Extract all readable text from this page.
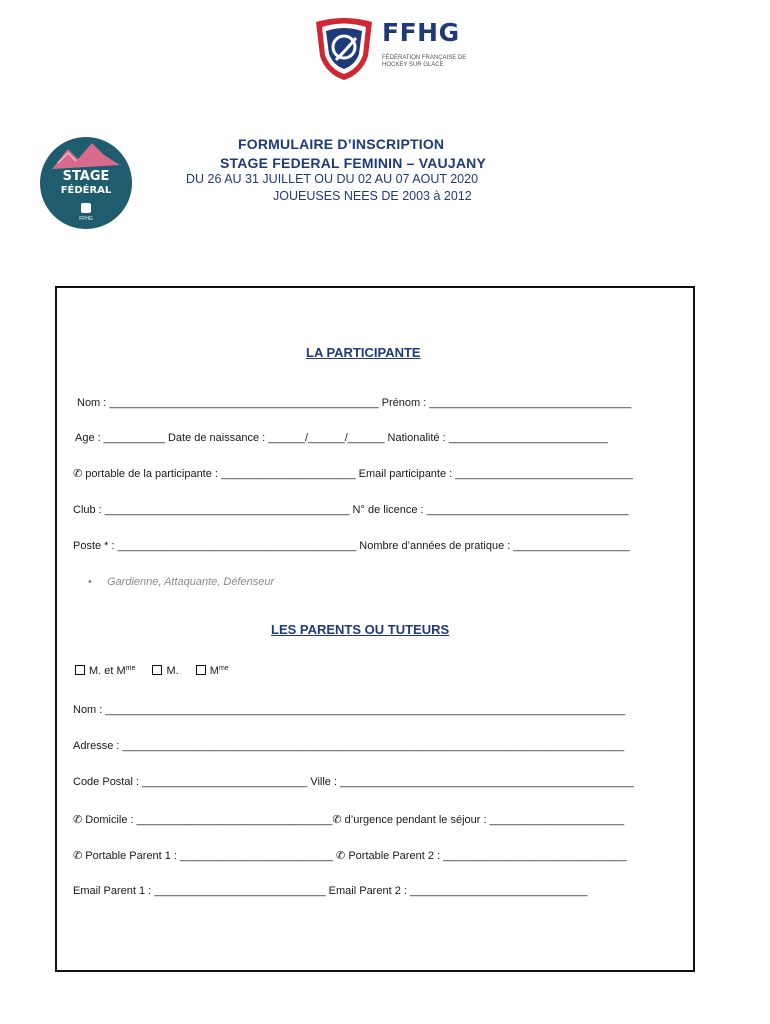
FFHG
FÉDÉRATION FRANÇAISE DE HOCKEY SUR GLACE
STAGE
FÉDÉRAL
FFHG
FORMULAIRE D’INSCRIPTION
STAGE FEDERAL FEMININ – VAUJANY
DU 26 AU 31 JUILLET OU DU 02 AU 07 AOUT 2020
JOUEUSES NEES DE 2003 à 2012
LA PARTICIPANTE
Nom : ____________________________________________ Prénom : _________________________________
Age : __________ Date de naissance : ______/______/______ Nationalité : __________________________
✆ portable de la participante : ______________________ Email participante : _____________________________
Club : ________________________________________ N° de licence : _________________________________
Poste * : _______________________________________ Nombre d’années de pratique : ___________________
• Gardienne, Attaquante, Défenseur
LES PARENTS OU TUTEURS
M. et $M^{me}$	M.	$M^{me}$
Nom : _____________________________________________________________________________________
Adresse : __________________________________________________________________________________
Code Postal : ___________________________ Ville : ________________________________________________
✆ Domicile : ________________________________✆ d’urgence pendant le séjour : ______________________
✆ Portable Parent 1 : _________________________ ✆ Portable Parent 2 : ______________________________
Email Parent 1 : ____________________________ Email Parent 2 : _____________________________
